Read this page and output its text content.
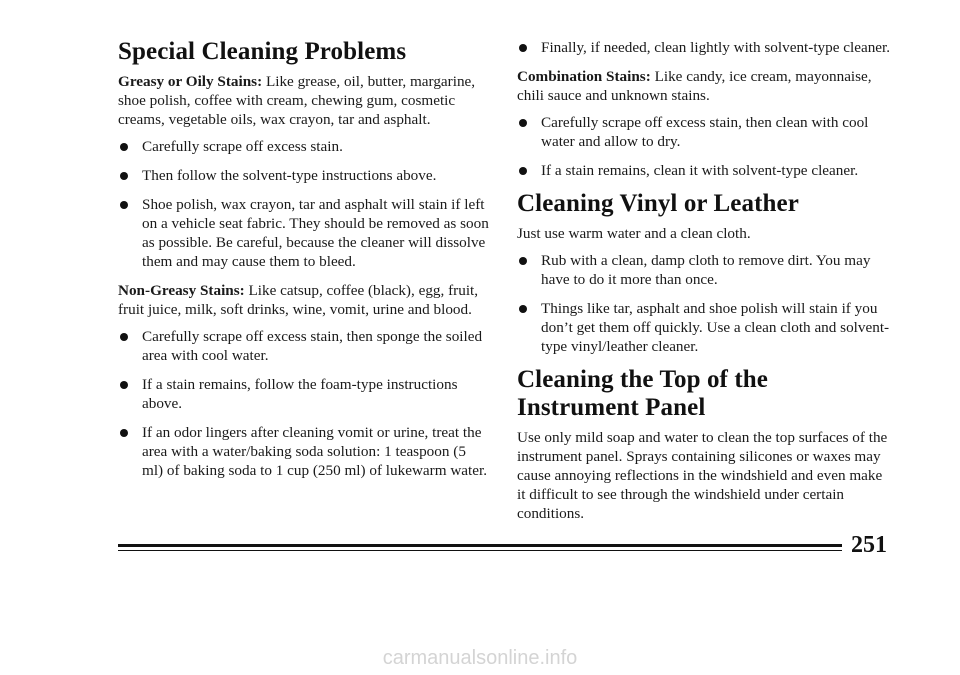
Special Cleaning Problems

Greasy or Oily Stains: Like grease, oil, butter, margarine, shoe polish, coffee with cream, chewing gum, cosmetic creams, vegetable oils, wax crayon, tar and asphalt.

Carefully scrape off excess stain.
Then follow the solvent-type instructions above.
Shoe polish, wax crayon, tar and asphalt will stain if left on a vehicle seat fabric. They should be removed as soon as possible. Be careful, because the cleaner will dissolve them and may cause them to bleed.

Non-Greasy Stains: Like catsup, coffee (black), egg, fruit, fruit juice, milk, soft drinks, wine, vomit, urine and blood.

Carefully scrape off excess stain, then sponge the soiled area with cool water.
If a stain remains, follow the foam-type instructions above.
If an odor lingers after cleaning vomit or urine, treat the area with a water/baking soda solution: 1 teaspoon (5 ml) of baking soda to 1 cup (250 ml) of lukewarm water.
Finally, if needed, clean lightly with solvent-type cleaner.

Combination Stains: Like candy, ice cream, mayonnaise, chili sauce and unknown stains.

Carefully scrape off excess stain, then clean with cool water and allow to dry.
If a stain remains, clean it with solvent-type cleaner.
Cleaning Vinyl or Leather

Just use warm water and a clean cloth.

Rub with a clean, damp cloth to remove dirt. You may have to do it more than once.
Things like tar, asphalt and shoe polish will stain if you don’t get them off quickly. Use a clean cloth and solvent-type vinyl/leather cleaner.
Cleaning the Top of the Instrument Panel

Use only mild soap and water to clean the top surfaces of the instrument panel. Sprays containing silicones or waxes may cause annoying reflections in the windshield and even make it difficult to see through the windshield under certain conditions.

251
carmanualsonline.info
